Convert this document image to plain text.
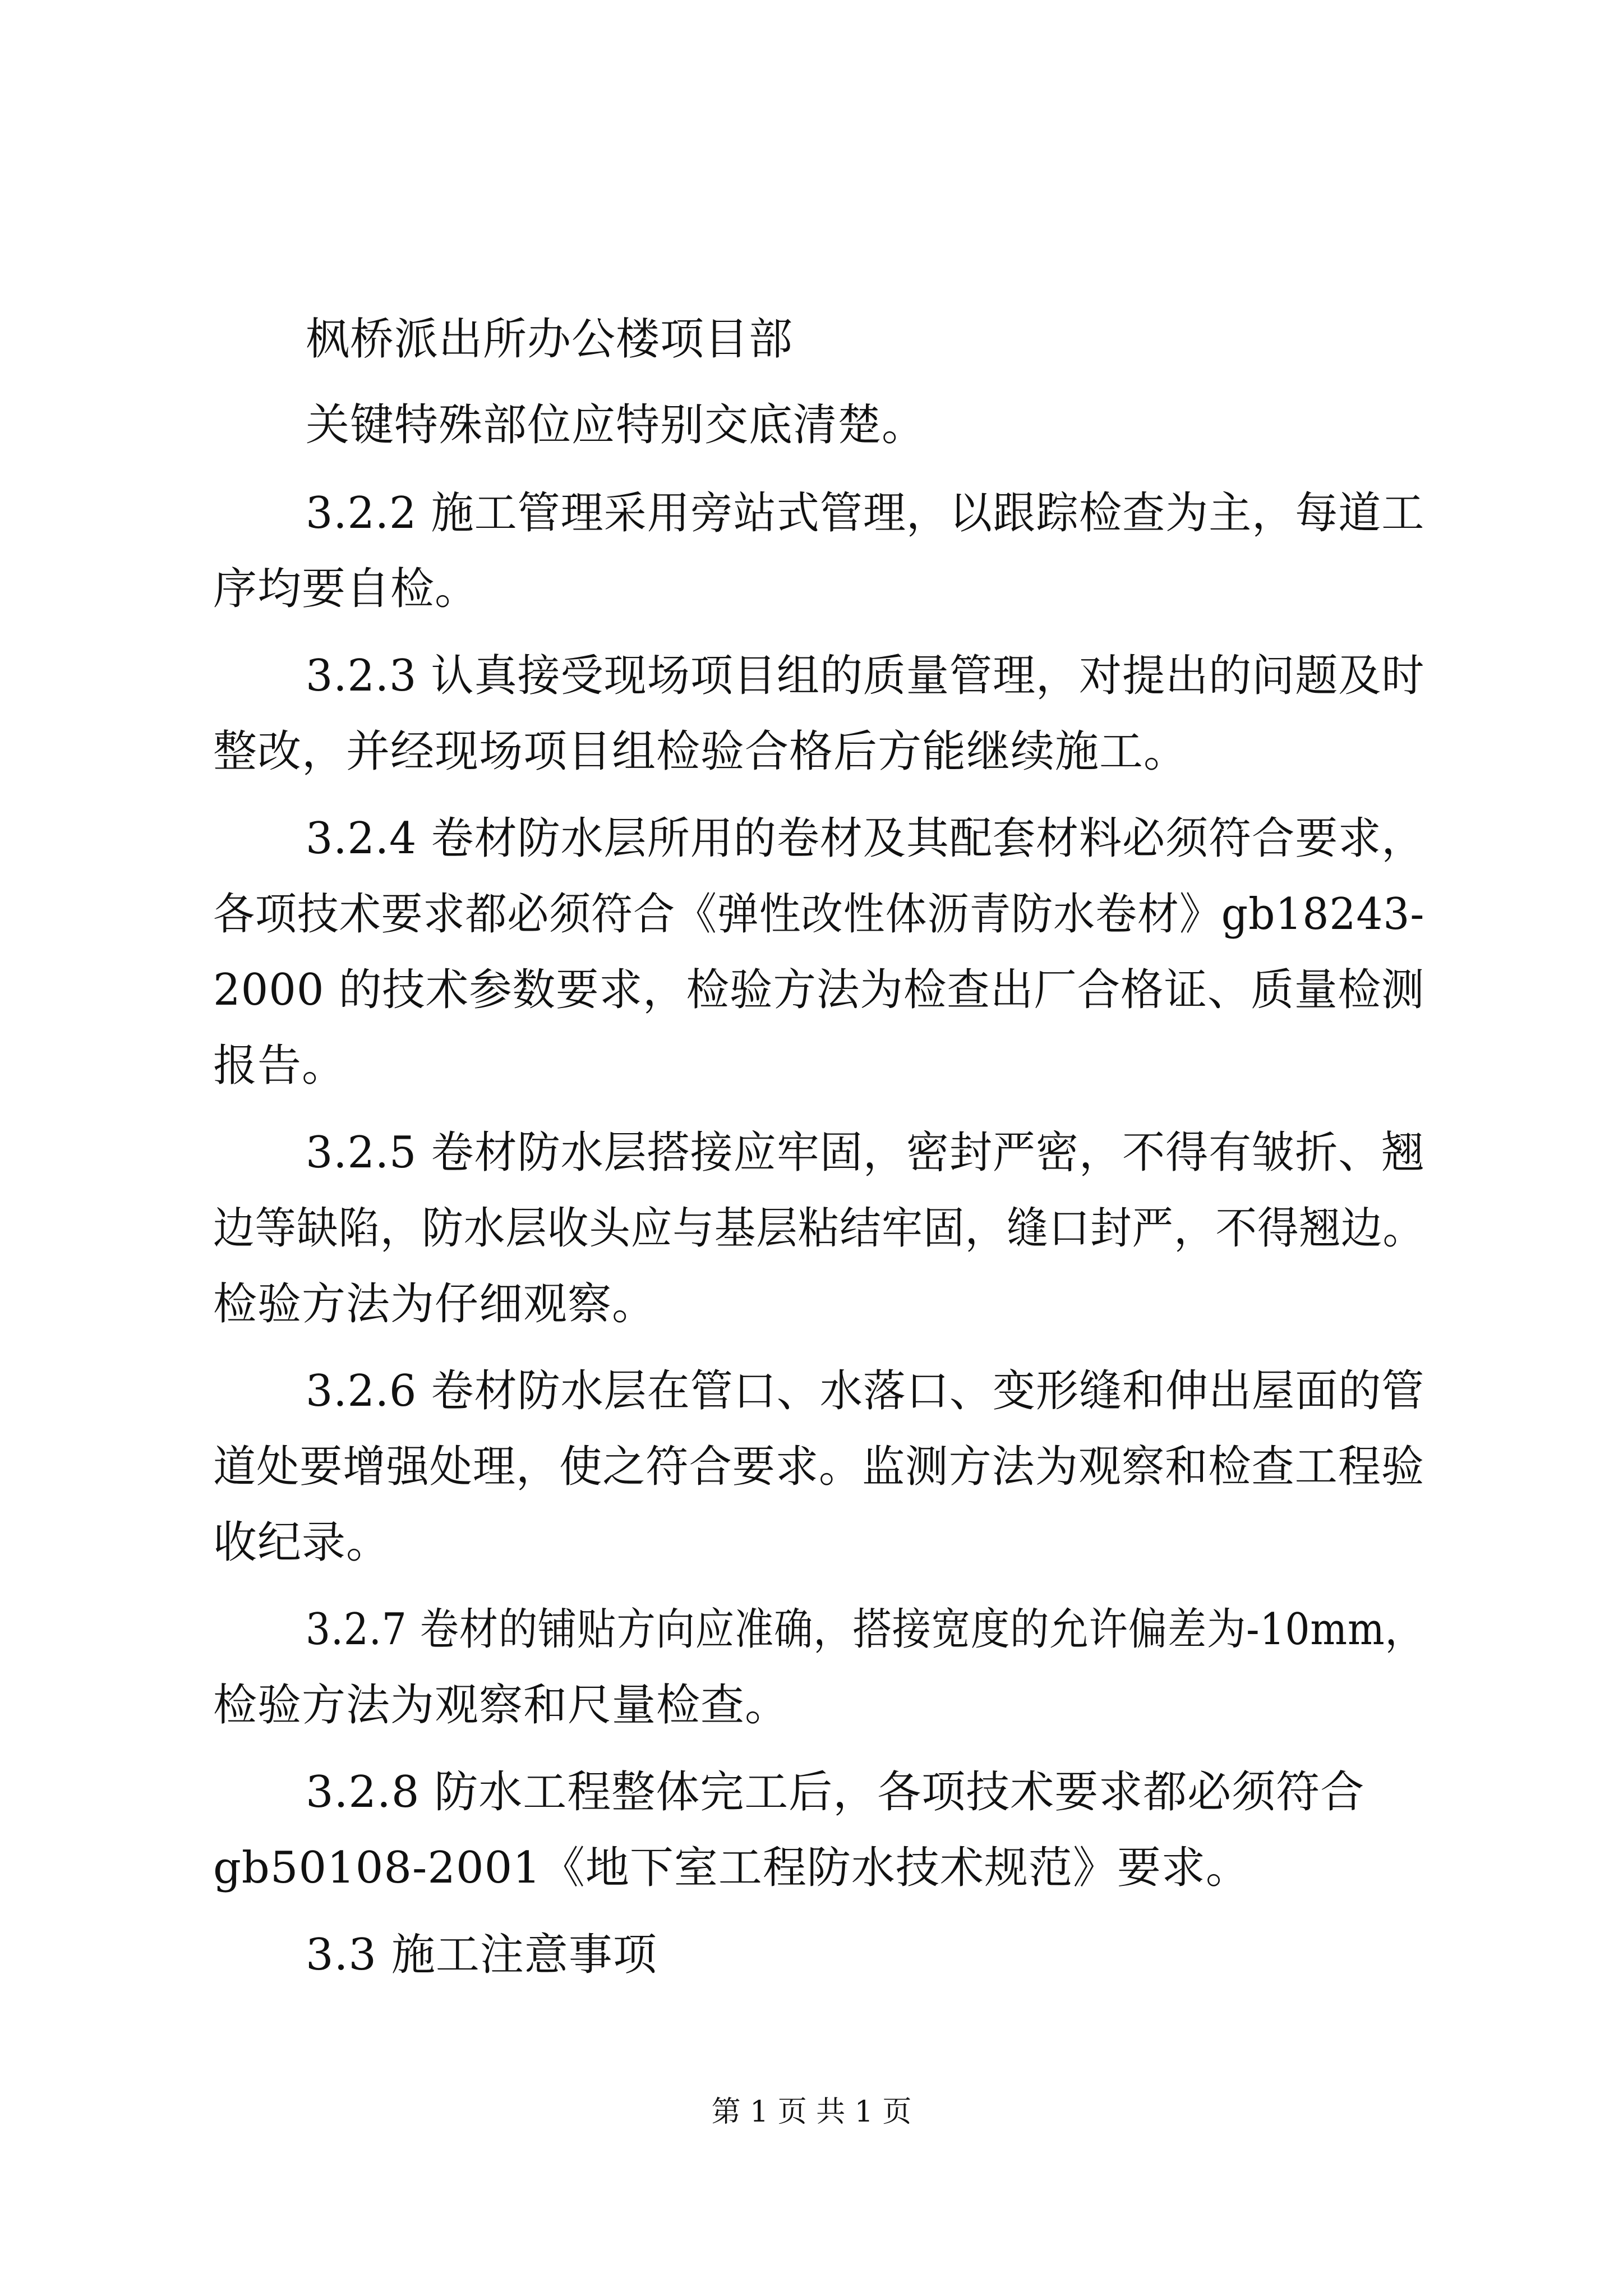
枫桥派出所办公楼项目部
关键特殊部位应特别交底清楚。
3.2.2 施工管理采用旁站式管理，以跟踪检查为主，每道工
序均要自检。
3.2.3 认真接受现场项目组的质量管理，对提出的问题及时
整改，并经现场项目组检验合格后方能继续施工。
3.2.4 卷材防水层所用的卷材及其配套材料必须符合要求，
各项技术要求都必须符合《弹性改性体沥青防水卷材》gb18243-
2000 的技术参数要求，检验方法为检查出厂合格证、质量检测
报告。
3.2.5 卷材防水层搭接应牢固，密封严密，不得有皱折、翘
边等缺陷，防水层收头应与基层粘结牢固，缝口封严，不得翘边。
检验方法为仔细观察。
3.2.6 卷材防水层在管口、水落口、变形缝和伸出屋面的管
道处要增强处理，使之符合要求。监测方法为观察和检查工程验
收纪录。
3.2.7 卷材的铺贴方向应准确，搭接宽度的允许偏差为-10mm，
检验方法为观察和尺量检查。
3.2.8 防水工程整体完工后，各项技术要求都必须符合
gb50108-2001《地下室工程防水技术规范》要求。
3.3 施工注意事项
第 1 页 共 1 页
